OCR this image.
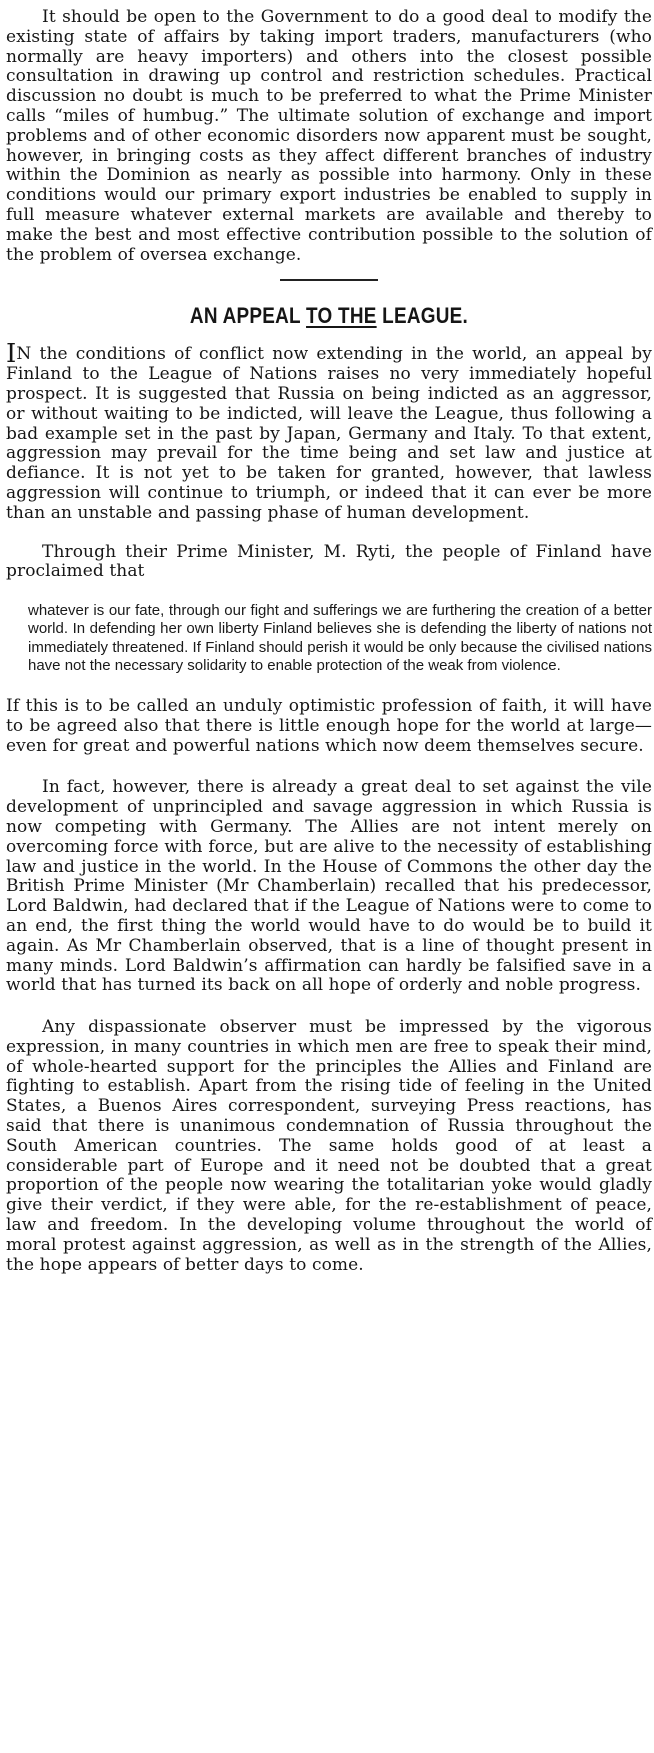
It should be open to the Government to do a good deal to modify the existing state of affairs by taking import traders, manufacturers (who normally are heavy importers) and others into the closest possible consultation in drawing up control and restriction schedules. Practical discussion no doubt is much to be preferred to what the Prime Minister calls “miles of humbug.” The ultimate solution of exchange and import problems and of other economic disorders now apparent must be sought, however, in bringing costs as they affect different branches of industry within the Dominion as nearly as possible into harmony. Only in these conditions would our primary export industries be enabled to supply in full measure whatever external markets are available and thereby to make the best and most effective contribution possible to the solution of the problem of oversea exchange.

AN APPEAL TO THE LEAGUE.

IN the conditions of conflict now extending in the world, an appeal by Finland to the League of Nations raises no very immediately hopeful prospect. It is suggested that Russia on being indicted as an aggressor, or without waiting to be indicted, will leave the League, thus following a bad example set in the past by Japan, Germany and Italy. To that extent, aggression may prevail for the time being and set law and justice at defiance. It is not yet to be taken for granted, however, that lawless aggression will continue to triumph, or indeed that it can ever be more than an unstable and passing phase of human development.

Through their Prime Minister, M. Ryti, the people of Finland have proclaimed that

whatever is our fate, through our fight and sufferings we are furthering the creation of a better world. In defending her own liberty Finland believes she is defending the liberty of nations not immediately threatened. If Finland should perish it would be only because the civilised nations have not the necessary solidarity to enable protection of the weak from violence.

If this is to be called an unduly optimistic profession of faith, it will have to be agreed also that there is little enough hope for the world at large—even for great and powerful nations which now deem themselves secure.

In fact, however, there is already a great deal to set against the vile development of unprincipled and savage aggression in which Russia is now competing with Germany. The Allies are not intent merely on overcoming force with force, but are alive to the necessity of establishing law and justice in the world. In the House of Commons the other day the British Prime Minister (Mr Chamberlain) recalled that his predecessor, Lord Baldwin, had declared that if the League of Nations were to come to an end, the first thing the world would have to do would be to build it again. As Mr Chamberlain observed, that is a line of thought present in many minds. Lord Baldwin’s affirmation can hardly be falsified save in a world that has turned its back on all hope of orderly and noble progress.

Any dispassionate observer must be impressed by the vigorous expression, in many countries in which men are free to speak their mind, of whole-hearted support for the principles the Allies and Finland are fighting to establish. Apart from the rising tide of feeling in the United States, a Buenos Aires correspondent, surveying Press reactions, has said that there is unanimous condemnation of Russia throughout the South American countries. The same holds good of at least a considerable part of Europe and it need not be doubted that a great proportion of the people now wearing the totalitarian yoke would gladly give their verdict, if they were able, for the re-establishment of peace, law and freedom. In the developing volume throughout the world of moral protest against aggression, as well as in the strength of the Allies, the hope appears of better days to come.
